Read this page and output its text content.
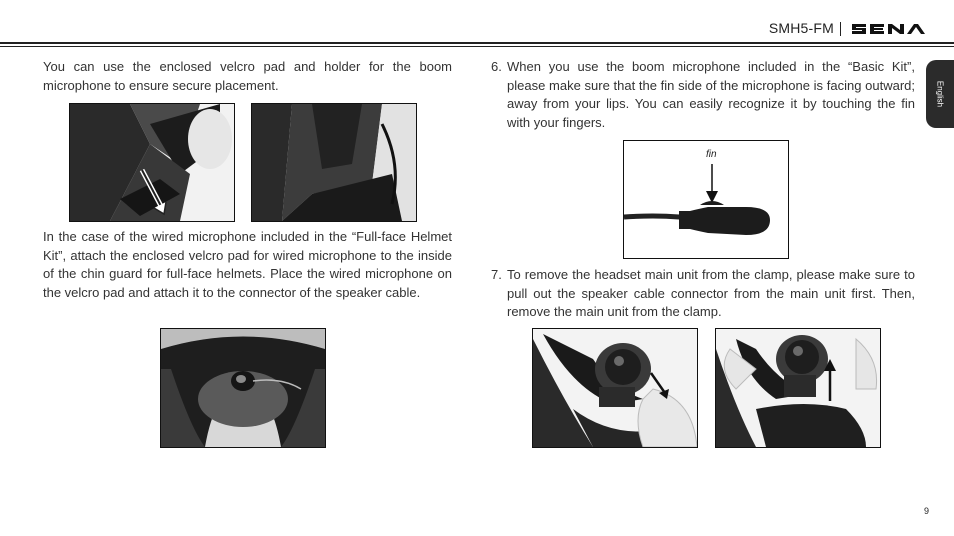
SMH5-FM
English
You can use the enclosed velcro pad and holder for the boom microphone to ensure secure placement.
In the case of the wired microphone included in the “Full-face Helmet Kit”, attach the enclosed velcro pad for wired microphone to the inside of the chin guard for full-face helmets. Place the wired microphone on the velcro pad and attach it to the connector of the speaker cable.
6. When you use the boom microphone included in the “Basic Kit”, please make sure that the fin side of the microphone is facing outward; away from your lips. You can easily recognize it by touching the fin with your fingers.
fin
7. To remove the headset main unit from the clamp, please make sure to pull out the speaker cable connector from the main unit first. Then, remove the main unit from the clamp.
9
